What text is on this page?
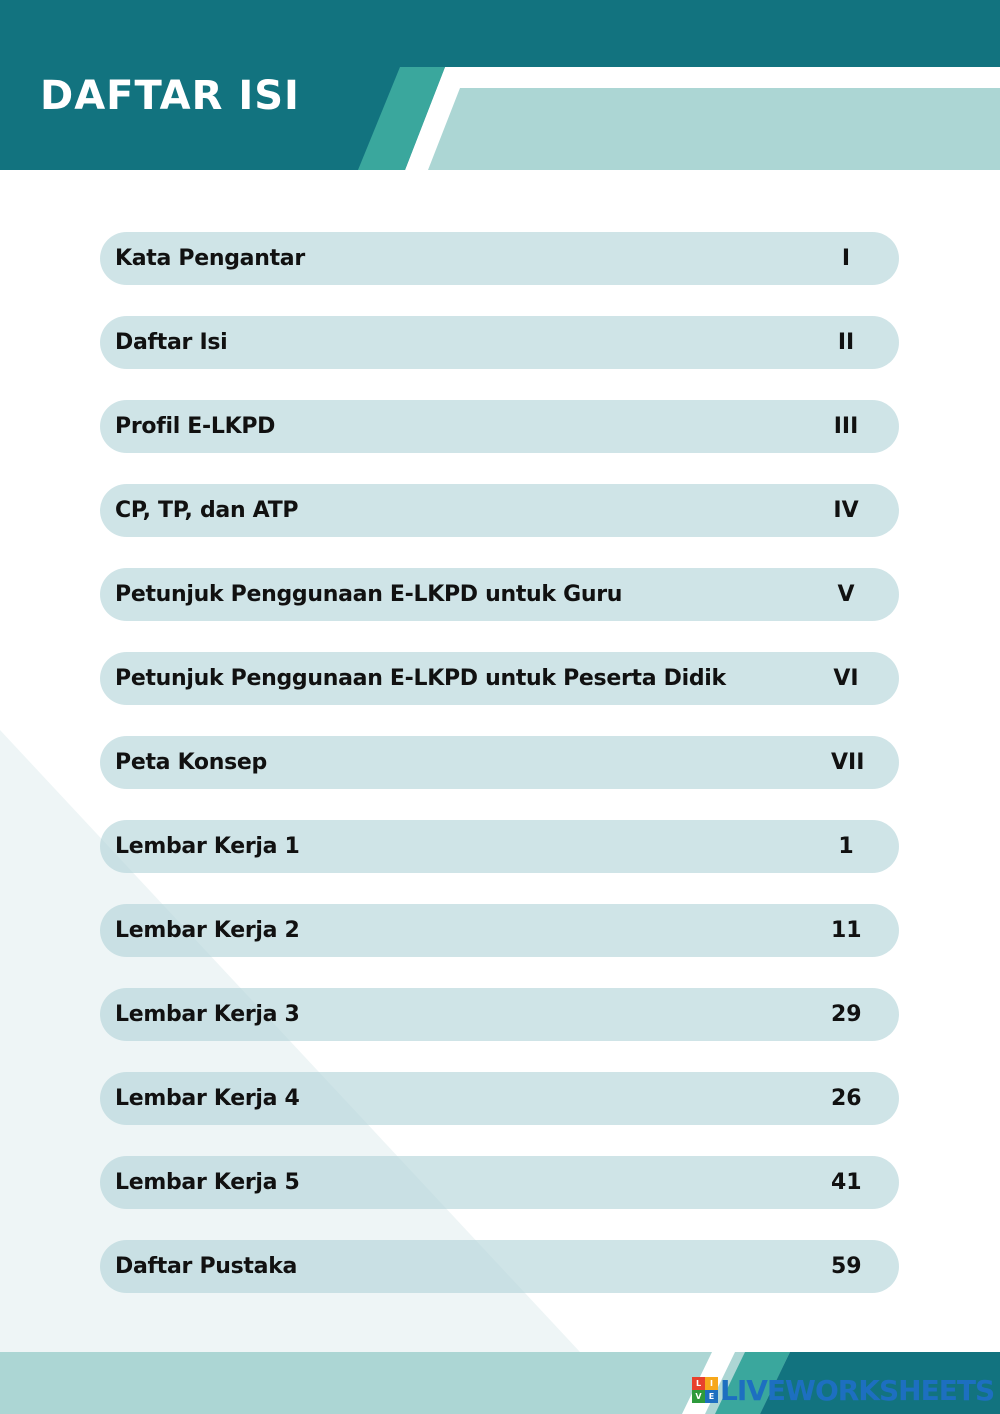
DAFTAR ISI
Kata Pengantar	I
Daftar Isi	II
Profil E-LKPD	III
CP, TP, dan ATP	IV
Petunjuk Penggunaan E-LKPD untuk Guru	V
Petunjuk Penggunaan E-LKPD untuk Peserta Didik	VI
Peta Konsep	VII
Lembar Kerja 1	1
Lembar Kerja 2	11
Lembar Kerja 3	29
Lembar Kerja 4	26
Lembar Kerja 5	41
Daftar Pustaka	59
L	I
V E LIVEWORKSHEETS
